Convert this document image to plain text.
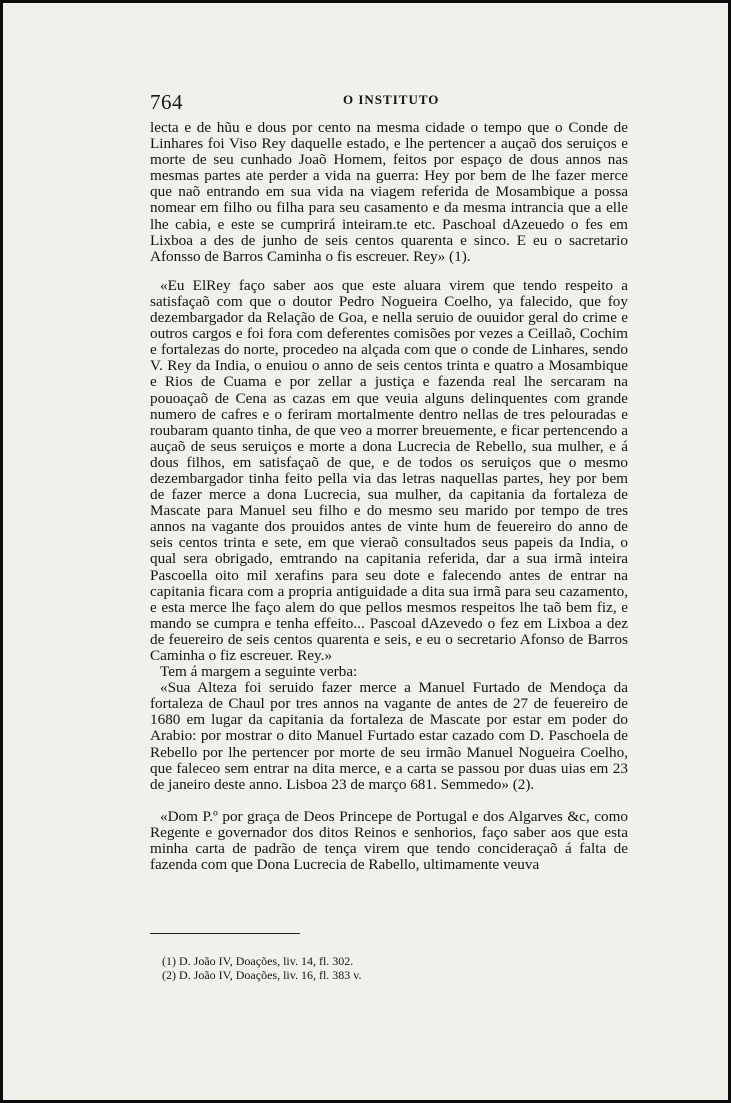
764	O INSTITUTO

lecta e de hũu e dous por cento na mesma cidade o tempo que o Conde de Linhares foi Viso Rey daquelle estado, e lhe pertencer a auçaõ dos seruiços e morte de seu cunhado Joaõ Homem, feitos por espaço de dous annos nas mesmas partes ate perder a vida na guerra: Hey por bem de lhe fazer merce que naõ entrando em sua vida na viagem referida de Mosambique a possa nomear em filho ou filha para seu casamento e da mesma intrancia que a elle lhe cabia, e este se cumprirá inteiram.te etc. Paschoal dAzeuedo o fes em Lixboa a des de junho de seis centos quarenta e sinco. E eu o sacretario Afonsso de Barros Caminha o fis escreuer. Rey» (1).

«Eu ElRey faço saber aos que este aluara virem que tendo respeito a satisfaçaõ com que o doutor Pedro Nogueira Coelho, ya falecido, que foy dezembargador da Relação de Goa, e nella seruio de ouuidor geral do crime e outros cargos e foi fora com deferentes comisões por vezes a Ceillaõ, Cochim e fortalezas do norte, procedeo na alçada com que o conde de Linhares, sendo V. Rey da India, o enuiou o anno de seis centos trinta e quatro a Mosambique e Rios de Cuama e por zellar a justiça e fazenda real lhe sercaram na pouoaçaõ de Cena as cazas em que veuia alguns delinquentes com grande numero de cafres e o feriram mortalmente dentro nellas de tres pelouradas e roubaram quanto tinha, de que veo a morrer breuemente, e ficar pertencendo a auçaõ de seus seruiços e morte a dona Lucrecia de Rebello, sua mulher, e á dous filhos, em satisfaçaõ de que, e de todos os seruiços que o mesmo dezembargador tinha feito pella via das letras naquellas partes, hey por bem de fazer merce a dona Lucrecia, sua mulher, da capitania da fortaleza de Mascate para Manuel seu filho e do mesmo seu marido por tempo de tres annos na vagante dos prouidos antes de vinte hum de feuereiro do anno de seis centos trinta e sete, em que vieraõ consultados seus papeis da India, o qual sera obrigado, emtrando na capitania referida, dar a sua irmã inteira Pascoella oito mil xerafins para seu dote e falecendo antes de entrar na capitania ficara com a propria antiguidade a dita sua irmã para seu cazamento, e esta merce lhe faço alem do que pellos mesmos respeitos lhe taõ bem fiz, e mando se cumpra e tenha effeito... Pascoal dAzevedo o fez em Lixboa a dez de feuereiro de seis centos quarenta e seis, e eu o secretario Afonso de Barros Caminha o fiz escreuer. Rey.»

Tem á margem a seguinte verba:

«Sua Alteza foi seruido fazer merce a Manuel Furtado de Mendoça da fortaleza de Chaul por tres annos na vagante de antes de 27 de feuereiro de 1680 em lugar da capitania da fortaleza de Mascate por estar em poder do Arabio: por mostrar o dito Manuel Furtado estar cazado com D. Paschoela de Rebello por lhe pertencer por morte de seu irmão Manuel Nogueira Coelho, que faleceo sem entrar na dita merce, e a carta se passou por duas uias em 23 de janeiro deste anno. Lisboa 23 de março 681. Semmedo» (2).

«Dom P.º por graça de Deos Princepe de Portugal e dos Algarves &c, como Regente e governador dos ditos Reinos e senhorios, faço saber aos que esta minha carta de padrão de tença virem que tendo concideraçaõ á falta de fazenda com que Dona Lucrecia de Rabello, ultimamente veuva

(1) D. João IV, Doações, liv. 14, fl. 302.

(2) D. João IV, Doações, liv. 16, fl. 383 v.
